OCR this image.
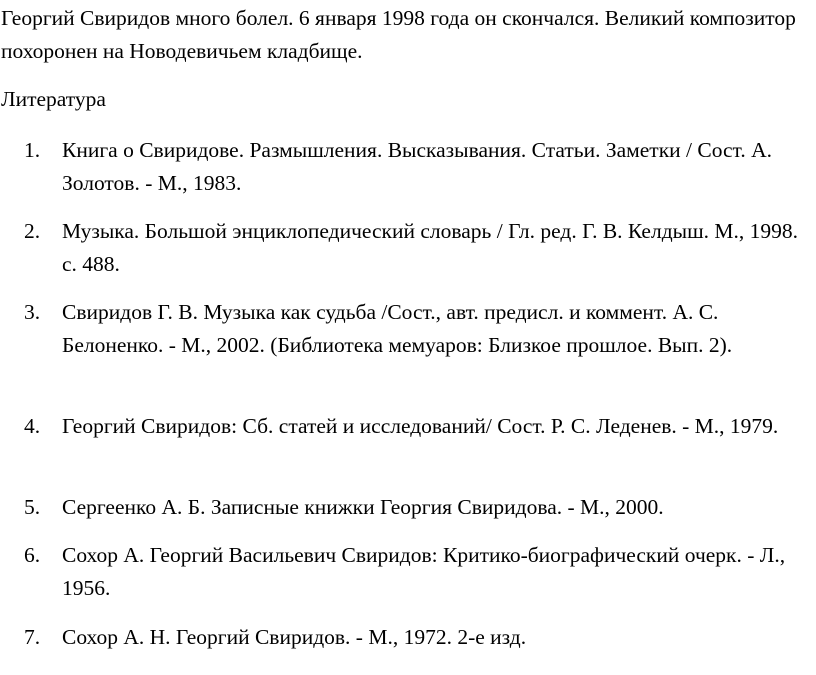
Георгий Свиридов много болел. 6 января 1998 года он скончался. Великий композитор похоронен на Новодевичьем кладбище.

Литература

1.	Книга о Свиридове. Размышления. Высказывания. Статьи. Заметки / Сост. А. Золотов. - М., 1983.
2.	Музыка. Большой энциклопедический словарь / Гл. ред. Г. В. Келдыш. М., 1998. с. 488.
3.	Свиридов Г. В. Музыка как судьба /Сост., авт. предисл. и коммент. А. С. Белоненко. - М., 2002. (Библиотека мемуаров: Близкое прошлое. Вып. 2).
4.	Георгий Свиридов: Сб. статей и исследований/ Сост. Р. С. Леденев. - М., 1979.
5.	Сергеенко А. Б. Записные книжки Георгия Свиридова. - М., 2000.
6.	Сохор А. Георгий Васильевич Свиридов: Критико-биографический очерк. - Л., 1956.
7.	Сохор А. Н. Георгий Свиридов. - М., 1972. 2-е изд.
